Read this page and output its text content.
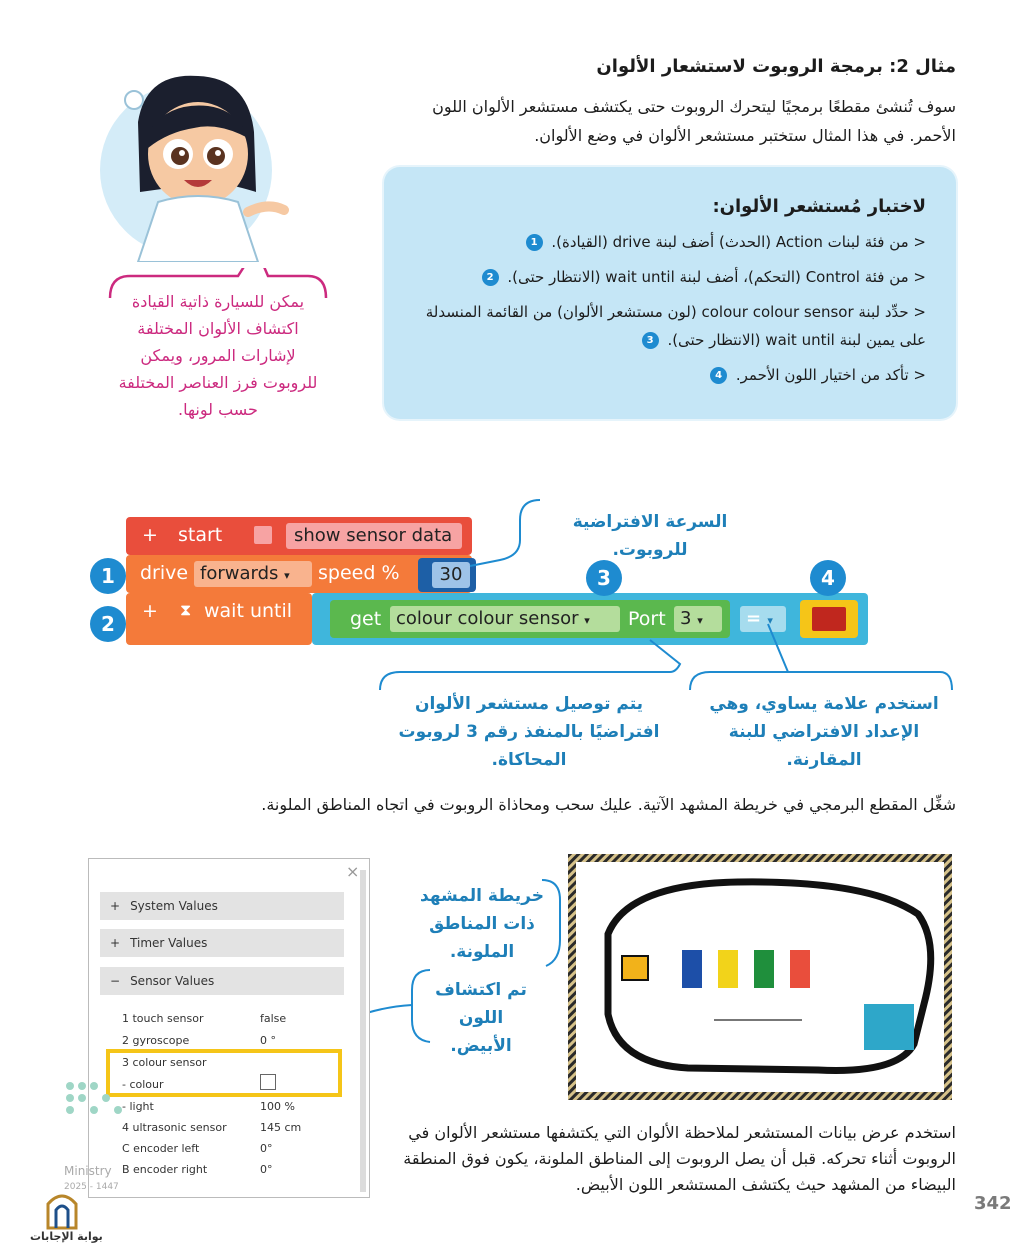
مثال 2: برمجة الروبوت لاستشعار الألوان
سوف تُنشئ مقطعًا برمجيًا ليتحرك الروبوت حتى يكتشف مستشعر الألوان اللون الأحمر. في هذا المثال ستختبر مستشعر الألوان في وضع الألوان.
يمكن للسيارة ذاتية القيادة اكتشاف الألوان المختلفة لإشارات المرور، ويمكن للروبوت فرز العناصر المختلفة حسب لونها.
لاختبار مُستشعر الألوان:
< من فئة لبنات Action (الحدث) أضف لبنة drive (القيادة). 1
< من فئة Control (التحكم)، أضف لبنة wait until (الانتظار حتى). 2
< حدِّد لبنة colour colour sensor (لون مستشعر الألوان) من القائمة المنسدلة على يمين لبنة wait until (الانتظار حتى). 3
< تأكد من اختيار اللون الأحمر. 4
+ start	show sensor data
drive forwards ▾	speed %	30
+ ⧗ wait until	get colour colour sensor ▾	Port 3 ▾	= ▾
1
2
3	4
السرعة الافتراضية للروبوت.
يتم توصيل مستشعر الألوان افتراضيًا بالمنفذ رقم 3 لروبوت المحاكاة.
استخدم علامة يساوي، وهي الإعداد الافتراضي للبنة المقارنة.
شغِّل المقطع البرمجي في خريطة المشهد الآتية. عليك سحب ومحاذاة الروبوت في اتجاه المناطق الملونة.
×
+ System Values
+ Timer Values
− Sensor Values
1 touch sensor	false
2 gyroscope	0 °
3 colour sensor
- colour
- light	100 %
4 ultrasonic sensor	145 cm
C encoder left	0°
B encoder right	0°
خريطة المشهد ذات المناطق الملونة.
تم اكتشاف اللون الأبيض.
استخدم عرض بيانات المستشعر لملاحظة الألوان التي يكتشفها مستشعر الألوان في الروبوت أثناء تحركه. قبل أن يصل الروبوت إلى المناطق الملونة، يكون فوق المنطقة البيضاء من المشهد حيث يكتشف المستشعر اللون الأبيض.
Ministry
2025 - 1447
بوابة الإجابات
342
